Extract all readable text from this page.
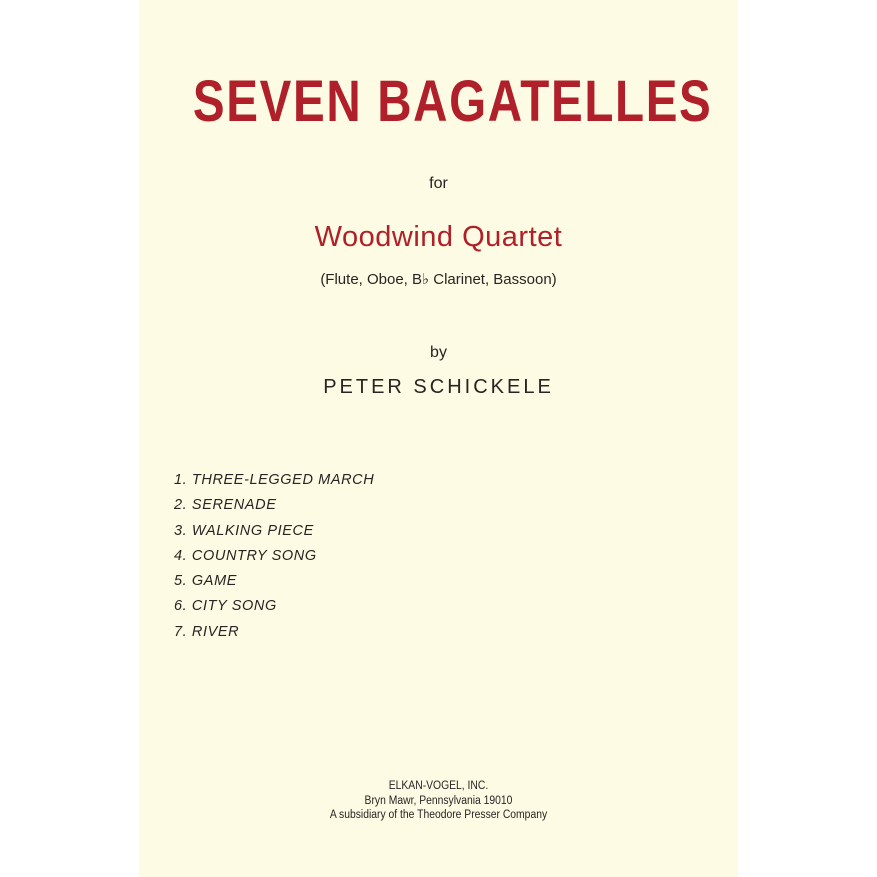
SEVEN BAGATELLES
for
Woodwind Quartet
(Flute, Oboe, B♭ Clarinet, Bassoon)
by
PETER SCHICKELE
1. THREE-LEGGED MARCH
2. SERENADE
3. WALKING PIECE
4. COUNTRY SONG
5. GAME
6. CITY SONG
7. RIVER
ELKAN-VOGEL, INC.
Bryn Mawr, Pennsylvania 19010
A subsidiary of the Theodore Presser Company
